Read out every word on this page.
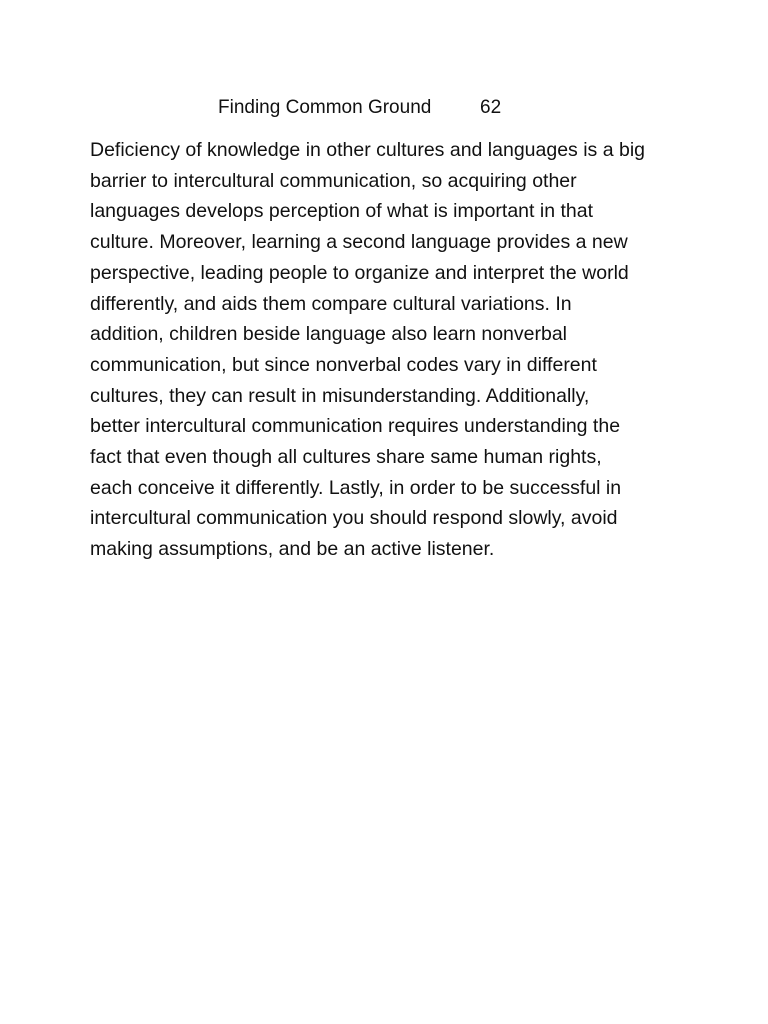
Finding Common Ground	62

Deficiency of knowledge in other cultures and languages is a big
barrier to intercultural communication, so acquiring other
languages develops perception of what is important in that
culture. Moreover, learning a second language provides a new
perspective, leading people to organize and interpret the world
differently, and aids them compare cultural variations. In
addition, children beside language also learn nonverbal
communication, but since nonverbal codes vary in different
cultures, they can result in misunderstanding. Additionally,
better intercultural communication requires understanding the
fact that even though all cultures share same human rights,
each conceive it differently. Lastly, in order to be successful in
intercultural communication you should respond slowly, avoid
making assumptions, and be an active listener.
